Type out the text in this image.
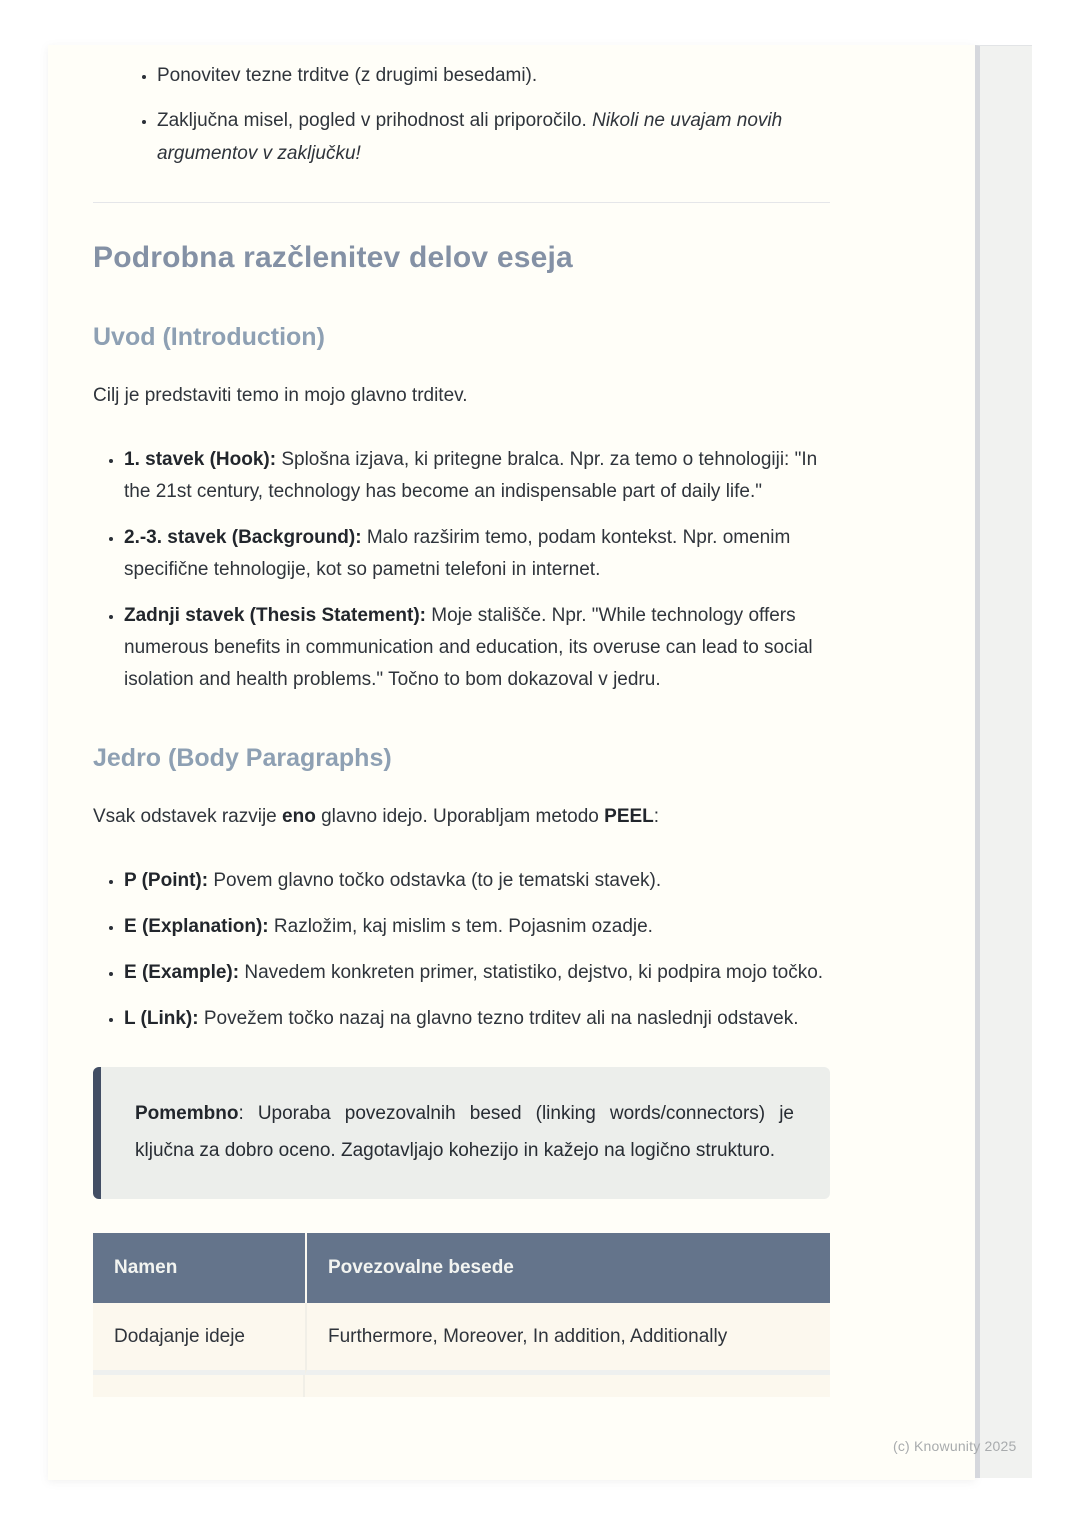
• Ponovitev tezne trditve (z drugimi besedami).
• Zaključna misel, pogled v prihodnost ali priporočilo. Nikoli ne uvajam novih argumentov v zaključku!
Podrobna razčlenitev delov eseja
Uvod (Introduction)

Cilj je predstaviti temo in mojo glavno trditev.

• 1. stavek (Hook): Splošna izjava, ki pritegne bralca. Npr. za temo o tehnologiji: "In the 21st century, technology has become an indispensable part of daily life."
• 2.-3. stavek (Background): Malo razširim temo, podam kontekst. Npr. omenim specifične tehnologije, kot so pametni telefoni in internet.
• Zadnji stavek (Thesis Statement): Moje stališče. Npr. "While technology offers numerous benefits in communication and education, its overuse can lead to social isolation and health problems." Točno to bom dokazoval v jedru.
Jedro (Body Paragraphs)

Vsak odstavek razvije eno glavno idejo. Uporabljam metodo PEEL:

• P (Point): Povem glavno točko odstavka (to je tematski stavek).
• E (Explanation): Razložim, kaj mislim s tem. Pojasnim ozadje.
• E (Example): Navedem konkreten primer, statistiko, dejstvo, ki podpira mojo točko.
• L (Link): Povežem točko nazaj na glavno tezno trditev ali na naslednji odstavek.
Pomembno: Uporaba povezovalnih besed (linking words/connectors) je ključna za dobro oceno. Zagotavljajo kohezijo in kažejo na logično strukturo.
Namen	Povezovalne besede
Dodajanje ideje	Furthermore, Moreover, In addition, Additionally
(c) Knowunity 2025
